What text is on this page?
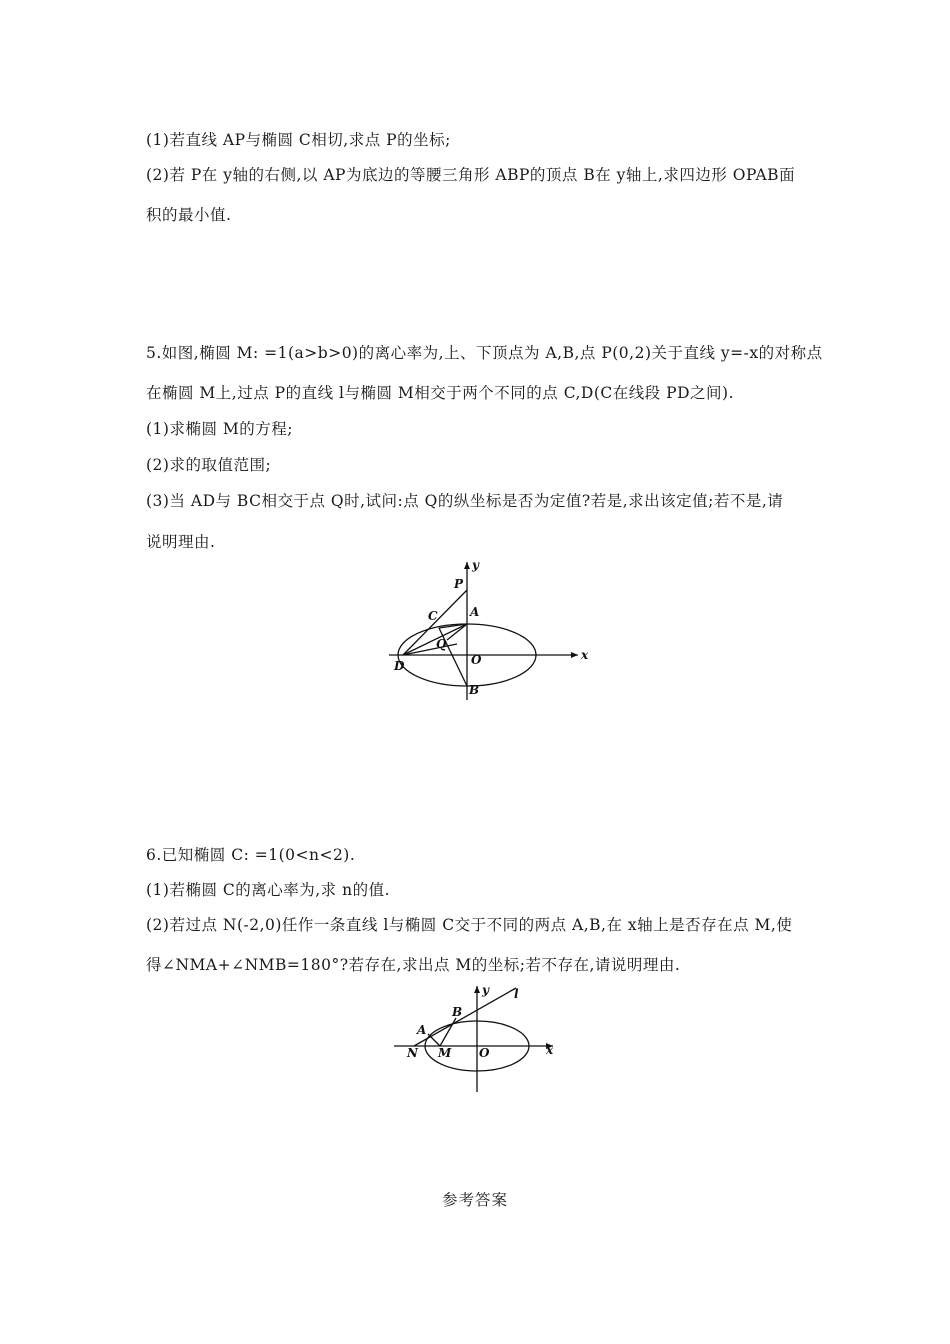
(1)若直线 AP与椭圆 C相切,求点 P的坐标;
(2)若 P在 y轴的右侧,以 AP为底边的等腰三角形 ABP的顶点 B在 y轴上,求四边形 OPAB面
积的最小值.
5.如图,椭圆 M: =1(a>b>0)的离心率为,上、下顶点为 A,B,点 P(0,2)关于直线 y=-x的对称点
在椭圆 M上,过点 P的直线 l与椭圆 M相交于两个不同的点 C,D(C在线段 PD之间).
(1)求椭圆 M的方程;
(2)求的取值范围;
(3)当 AD与 BC相交于点 Q时,试问:点 Q的纵坐标是否为定值?若是,求出该定值;若不是,请
说明理由.
y
x
P
A
C
Q
D	O
B
6.已知椭圆 C: =1(0<n<2).
(1)若椭圆 C的离心率为,求 n的值.
(2)若过点 N(-2,0)任作一条直线 l与椭圆 C交于不同的两点 A,B,在 x轴上是否存在点 M,使
得∠NMA+∠NMB=180°?若存在,求出点 M的坐标;若不存在,请说明理由.
y l
B
A
N M O	x
参考答案
